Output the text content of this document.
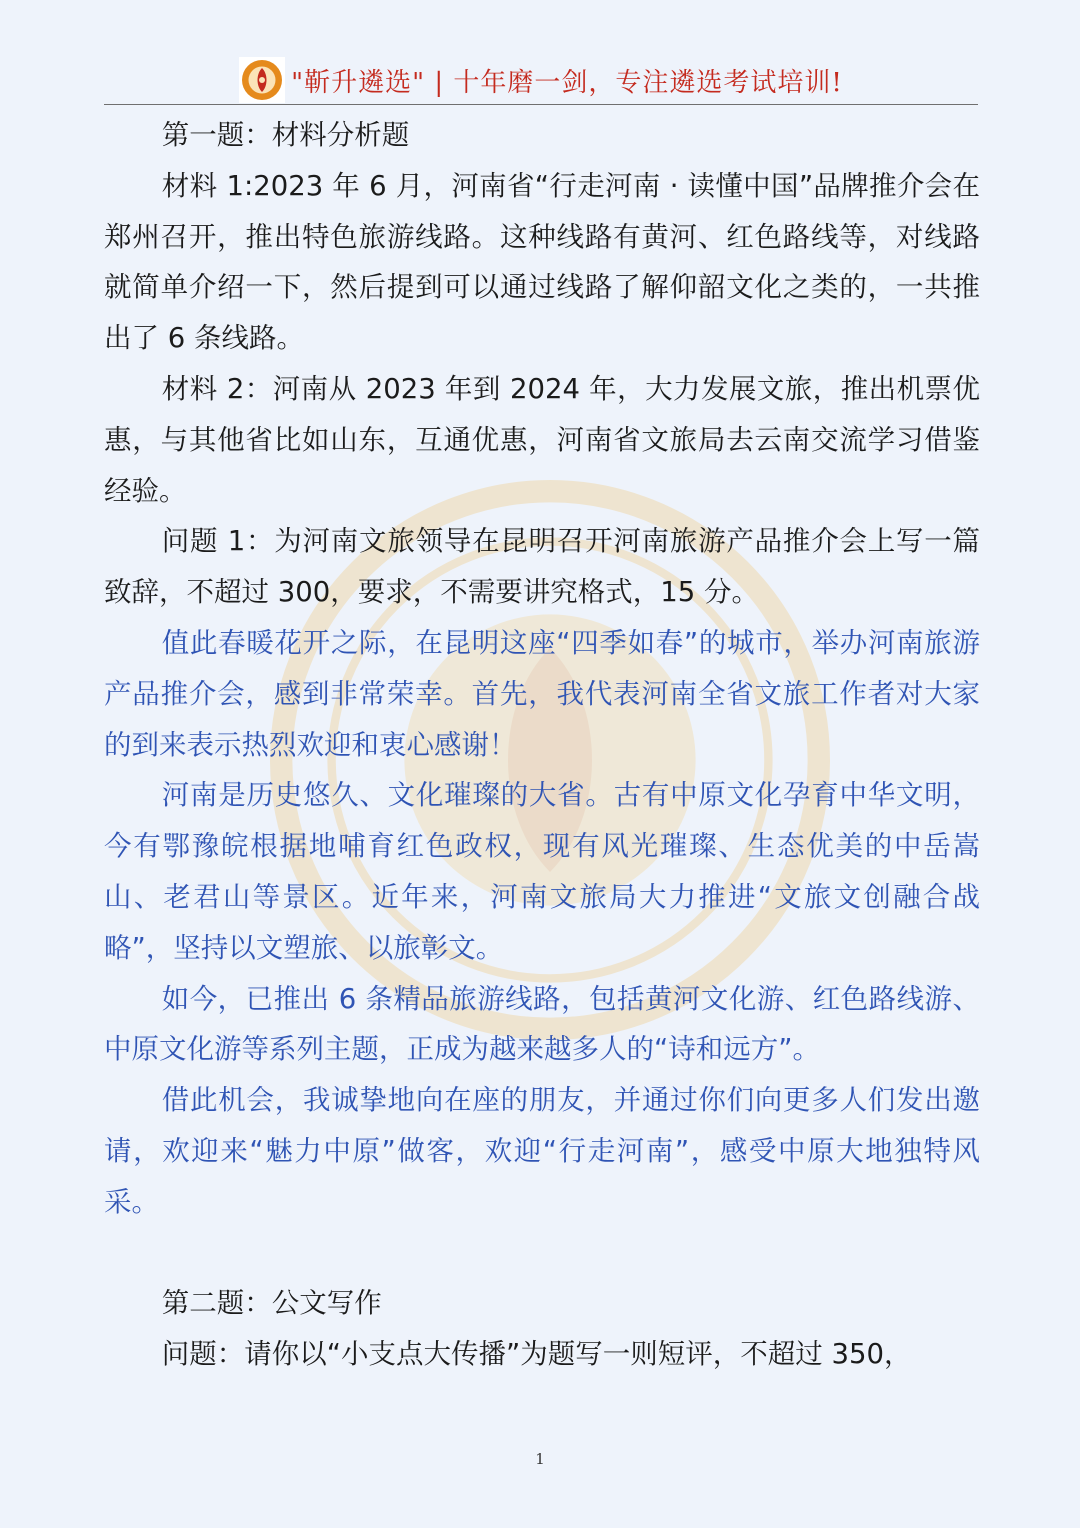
"靳升遴选" | 十年磨一剑，专注遴选考试培训!

第一题：材料分析题

材料 1:2023 年 6 月，河南省“行走河南 · 读懂中国”品牌推介会在郑州召开，推出特色旅游线路。这种线路有黄河、红色路线等，对线路就简单介绍一下，然后提到可以通过线路了解仰韶文化之类的，一共推出了 6 条线路。

材料 2：河南从 2023 年到 2024 年，大力发展文旅，推出机票优惠，与其他省比如山东，互通优惠，河南省文旅局去云南交流学习借鉴经验。

问题 1：为河南文旅领导在昆明召开河南旅游产品推介会上写一篇致辞，不超过 300，要求，不需要讲究格式，15 分。

值此春暖花开之际，在昆明这座“四季如春”的城市，举办河南旅游产品推介会，感到非常荣幸。首先，我代表河南全省文旅工作者对大家的到来表示热烈欢迎和衷心感谢！

河南是历史悠久、文化璀璨的大省。古有中原文化孕育中华文明，今有鄂豫皖根据地哺育红色政权，现有风光璀璨、生态优美的中岳嵩山、老君山等景区。近年来，河南文旅局大力推进“文旅文创融合战略”，坚持以文塑旅、以旅彰文。

如今，已推出 6 条精品旅游线路，包括黄河文化游、红色路线游、中原文化游等系列主题，正成为越来越多人的“诗和远方”。

借此机会，我诚挚地向在座的朋友，并通过你们向更多人们发出邀请，欢迎来“魅力中原”做客，欢迎“行走河南”，感受中原大地独特风采。

第二题：公文写作

问题：请你以“小支点大传播”为题写一则短评，不超过 350，

1
